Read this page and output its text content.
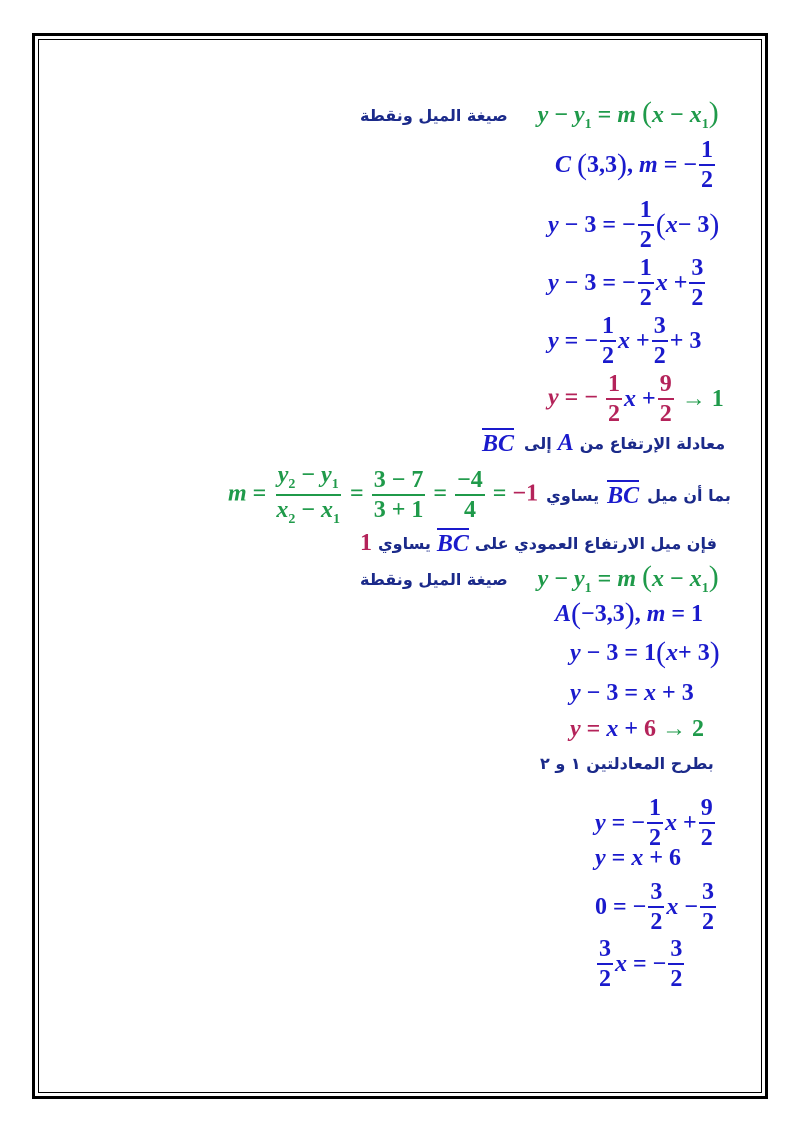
صيغة الميل ونقطة $y - y_1 = m$ $(x - x_1)$
C
( 3,3 ) , m = − $\frac{1}{2}$
y − 3 = − $\frac{1}{2}$ ( x − 3 )
y − 3 = − $\frac{1}{2}$ $x + \frac{3}{2}$
y = − $\frac{1}{2}$ $x + \frac{3}{2} + 3$
y = − $\frac{1}{2}$ $x + \frac{9}{2} \to 1$
BC إلى A معادلة الإرتفاع من
$m = \frac{y_2 - y_1}{x_2 - x_1} = \frac{3 - 7}{3 + 1} = \frac{-4}{4} = -1$ يساوي BC بما أن ميل
1 يساوي BC فإن ميل الارتفاع العمودي على
صيغة الميل ونقطة $y - y_1 = m$ $(x - x_1)$
A ( −3,3 ) , m = 1
y − 3 = 1 ( x + 3 )
y − 3 = x + 3
y = x + 6 → 2
بطرح المعادلتين ١ و ٢
y = − $\frac{1}{2}$ $x + \frac{9}{2}$
y = x + 6
0 = − $\frac{3}{2}$ $x - \frac{3}{2}$
$\frac{3}{2}$ x = − $\frac{3}{2}$
